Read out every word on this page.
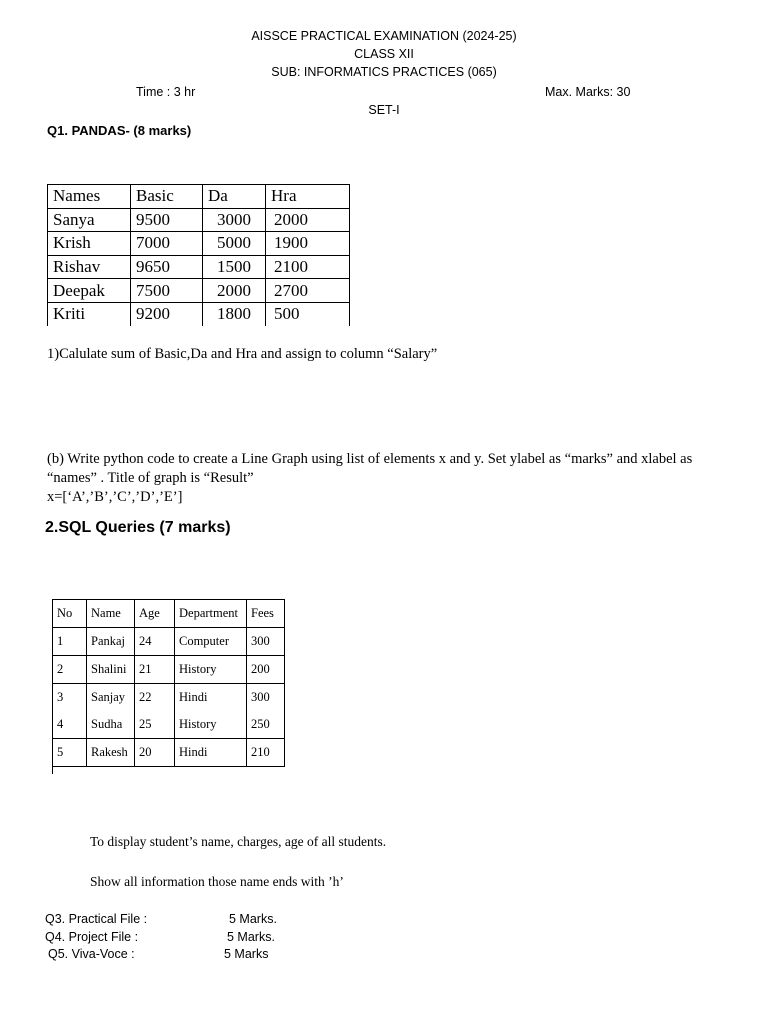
AISSCE PRACTICAL EXAMINATION (2024-25)
CLASS XII
SUB: INFORMATICS PRACTICES (065)
Time : 3 hr	Max. Marks: 30
SET-I
Q1. PANDAS- (8 marks)
Names	Basic	Da	Hra
Sanya	9500	3000	2000
Krish	7000	5000	1900
Rishav	9650	1500	2100
Deepak	7500	2000	2700
Kriti	9200	1800	500
1)Calulate sum of Basic,Da and Hra and assign to column “Salary”
(b) Write python code to create a Line Graph using list of elements x and y. Set ylabel as “marks” and xlabel as
“names” . Title of graph is “Result”
x=[‘A’,’B’,’C’,’D’,’E’]
2.SQL Queries (7 marks)
No	Name	Age	Department	Fees
1	Pankaj	24	Computer	300
2	Shalini	21	History	200
3	Sanjay	22	Hindi	300
4	Sudha	25	History	250
5	Rakesh	20	Hindi	210
To display student’s name, charges, age of all students.
Show all information those name ends with ’h’
Q3. Practical File :	5 Marks.
Q4. Project File :	5 Marks.
Q5. Viva-Voce :	5 Marks
